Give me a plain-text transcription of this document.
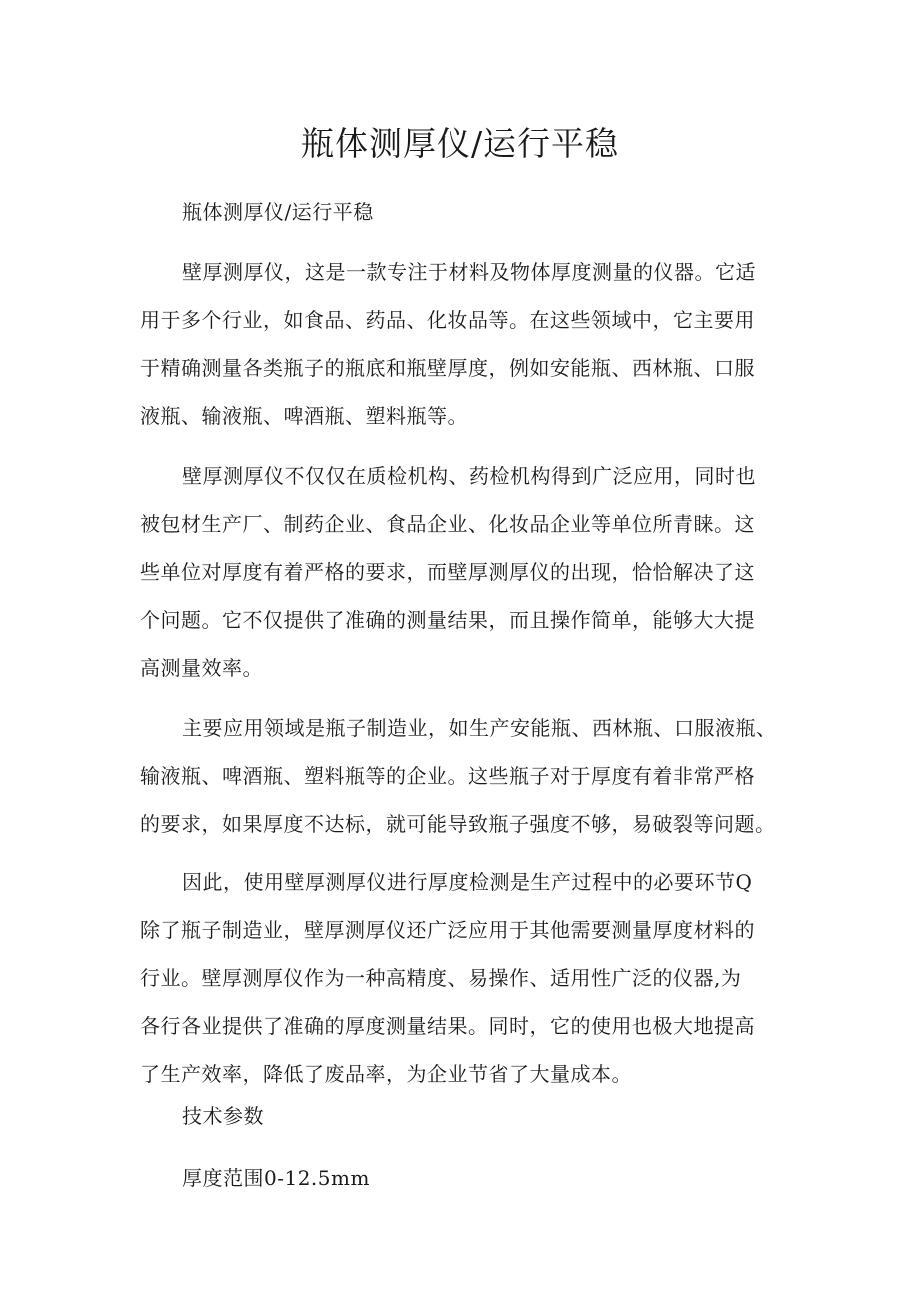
瓶体测厚仪/运行平稳
瓶体测厚仪/运行平稳
壁厚测厚仪，这是一款专注于材料及物体厚度测量的仪器。它适
用于多个行业，如食品、药品、化妆品等。在这些领域中，它主要用
于精确测量各类瓶子的瓶底和瓶壁厚度，例如安能瓶、西林瓶、口服
液瓶、输液瓶、啤酒瓶、塑料瓶等。
壁厚测厚仪不仅仅在质检机构、药检机构得到广泛应用，同时也
被包材生产厂、制药企业、食品企业、化妆品企业等单位所青睐。这
些单位对厚度有着严格的要求，而壁厚测厚仪的出现，恰恰解决了这
个问题。它不仅提供了准确的测量结果，而且操作简单，能够大大提
高测量效率。
主要应用领域是瓶子制造业，如生产安能瓶、西林瓶、口服液瓶、
输液瓶、啤酒瓶、塑料瓶等的企业。这些瓶子对于厚度有着非常严格
的要求，如果厚度不达标，就可能导致瓶子强度不够，易破裂等问题。
因此，使用壁厚测厚仪进行厚度检测是生产过程中的必要环节Q
除了瓶子制造业，壁厚测厚仪还广泛应用于其他需要测量厚度材料的
行业。壁厚测厚仪作为一种高精度、易操作、适用性广泛的仪器,为
各行各业提供了准确的厚度测量结果。同时，它的使用也极大地提高
了生产效率，降低了废品率，为企业节省了大量成本。
技术参数
厚度范围0-12.5mm
